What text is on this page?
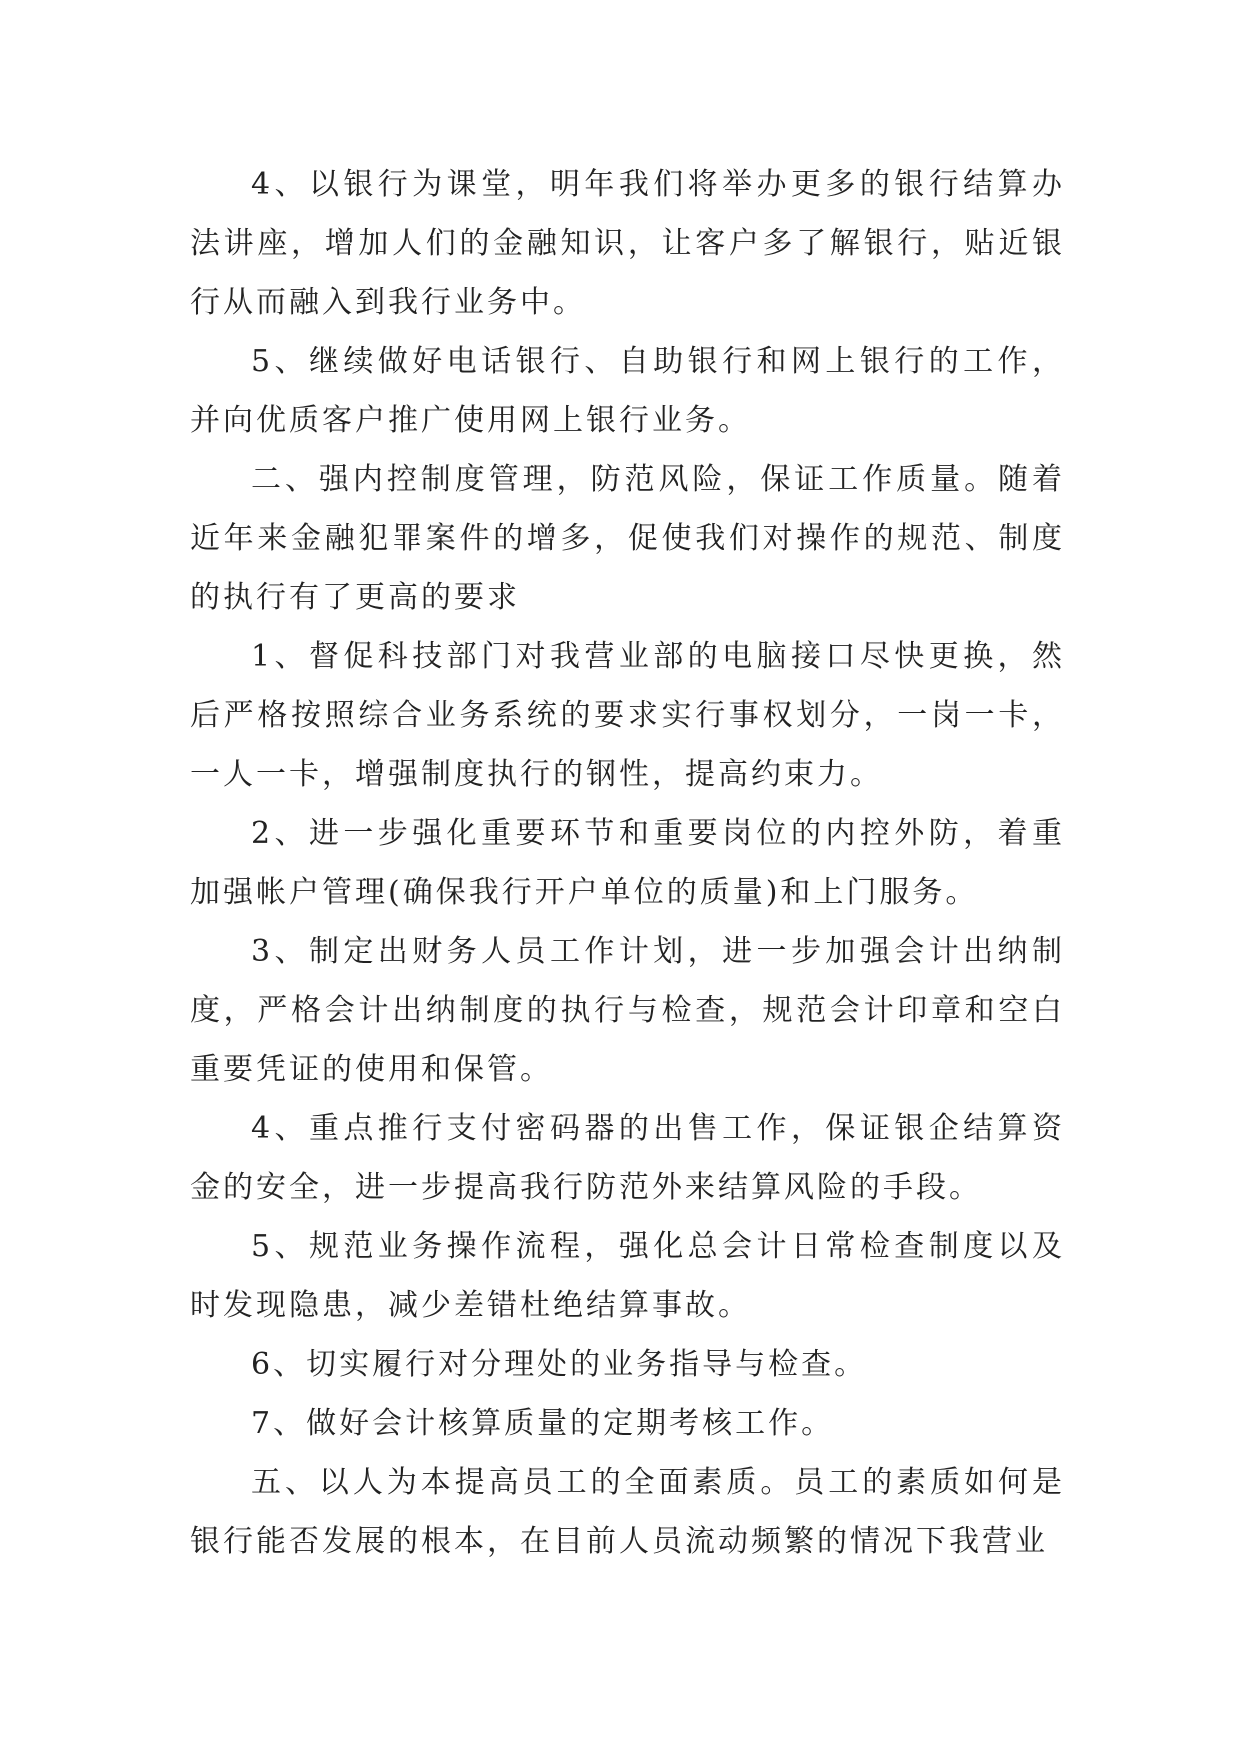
4、以银行为课堂，明年我们将举办更多的银行结算办法讲座，增加人们的金融知识，让客户多了解银行，贴近银行从而融入到我行业务中。

5、继续做好电话银行、自助银行和网上银行的工作，并向优质客户推广使用网上银行业务。

二、强内控制度管理，防范风险，保证工作质量。随着近年来金融犯罪案件的增多，促使我们对操作的规范、制度的执行有了更高的要求

1、督促科技部门对我营业部的电脑接口尽快更换，然后严格按照综合业务系统的要求实行事权划分，一岗一卡，一人一卡，增强制度执行的钢性，提高约束力。

2、进一步强化重要环节和重要岗位的内控外防，着重加强帐户管理(确保我行开户单位的质量)和上门服务。

3、制定出财务人员工作计划，进一步加强会计出纳制度，严格会计出纳制度的执行与检查，规范会计印章和空白重要凭证的使用和保管。

4、重点推行支付密码器的出售工作，保证银企结算资金的安全，进一步提高我行防范外来结算风险的手段。

5、规范业务操作流程，强化总会计日常检查制度以及时发现隐患，减少差错杜绝结算事故。

6、切实履行对分理处的业务指导与检查。

7、做好会计核算质量的定期考核工作。

五、以人为本提高员工的全面素质。员工的素质如何是银行能否发展的根本，在目前人员流动频繁的情况下我营业
